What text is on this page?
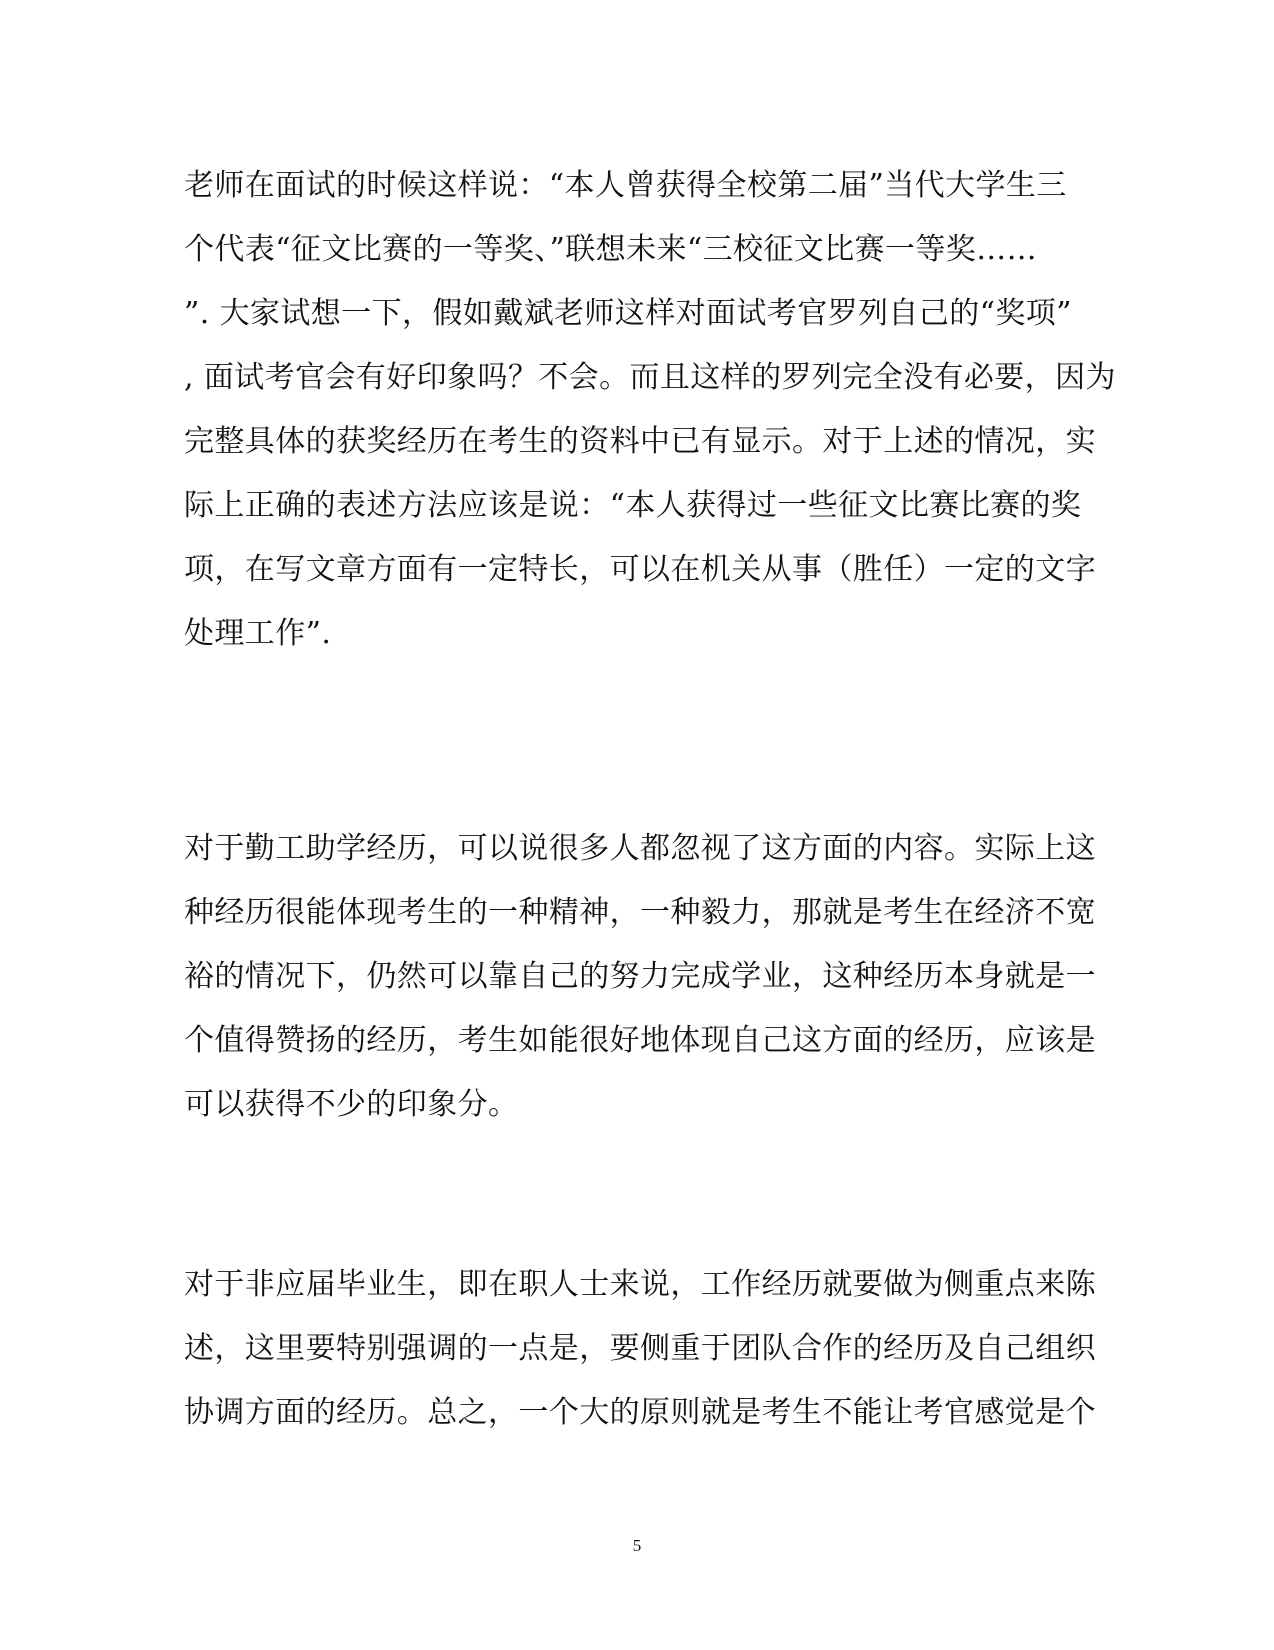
老师在面试的时候这样说：“本人曾获得全校第二届”当代大学生三
个代表“征文比赛的一等奖、”联想未来“三校征文比赛一等奖……
”. 大家试想一下，假如戴斌老师这样对面试考官罗列自己的“奖项”
, 面试考官会有好印象吗？不会。而且这样的罗列完全没有必要，因为
完整具体的获奖经历在考生的资料中已有显示。对于上述的情况，实
际上正确的表述方法应该是说：“本人获得过一些征文比赛比赛的奖
项，在写文章方面有一定特长，可以在机关从事（胜任）一定的文字
处理工作”.
对于勤工助学经历，可以说很多人都忽视了这方面的内容。实际上这
种经历很能体现考生的一种精神，一种毅力，那就是考生在经济不宽
裕的情况下，仍然可以靠自己的努力完成学业，这种经历本身就是一
个值得赞扬的经历，考生如能很好地体现自己这方面的经历，应该是
可以获得不少的印象分。
对于非应届毕业生，即在职人士来说，工作经历就要做为侧重点来陈
述，这里要特别强调的一点是，要侧重于团队合作的经历及自己组织
协调方面的经历。总之，一个大的原则就是考生不能让考官感觉是个
5
